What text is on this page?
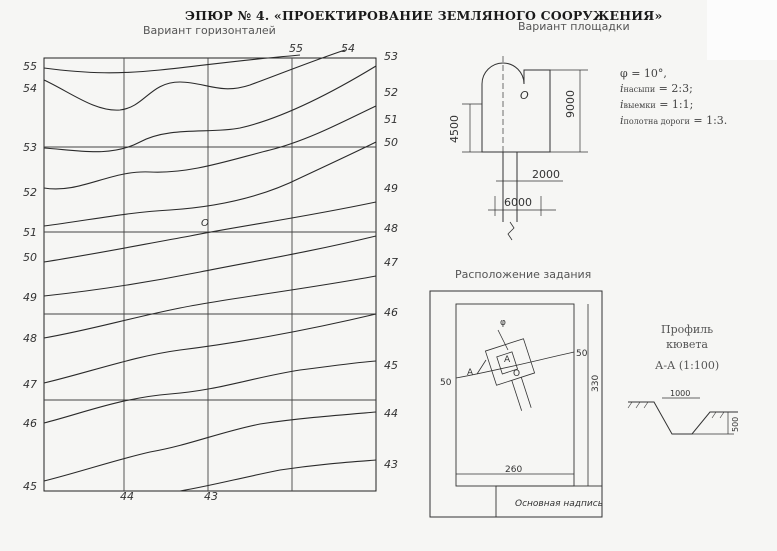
ЭПЮР № 4. «ПРОЕКТИРОВАНИЕ ЗЕМЛЯНОГО СООРУЖЕНИЯ»
Вариант горизонталей
55
54
53
52
51
50
49
48
47
46
45
53
52
51
50
49
48
47
46
45
44
43
55	54
44	43
O
4500
9000
2000
6000
O
50
50
φ
A
A
O
330
260
Основная надпись
1000
500
Вариант площадки
φ = 10°,
iнасыпи = 2:3;
iвыемки = 1:1;
iполотна дороги = 1:3.
Расположение задания
Профиль
кювета
А-А (1:100)
